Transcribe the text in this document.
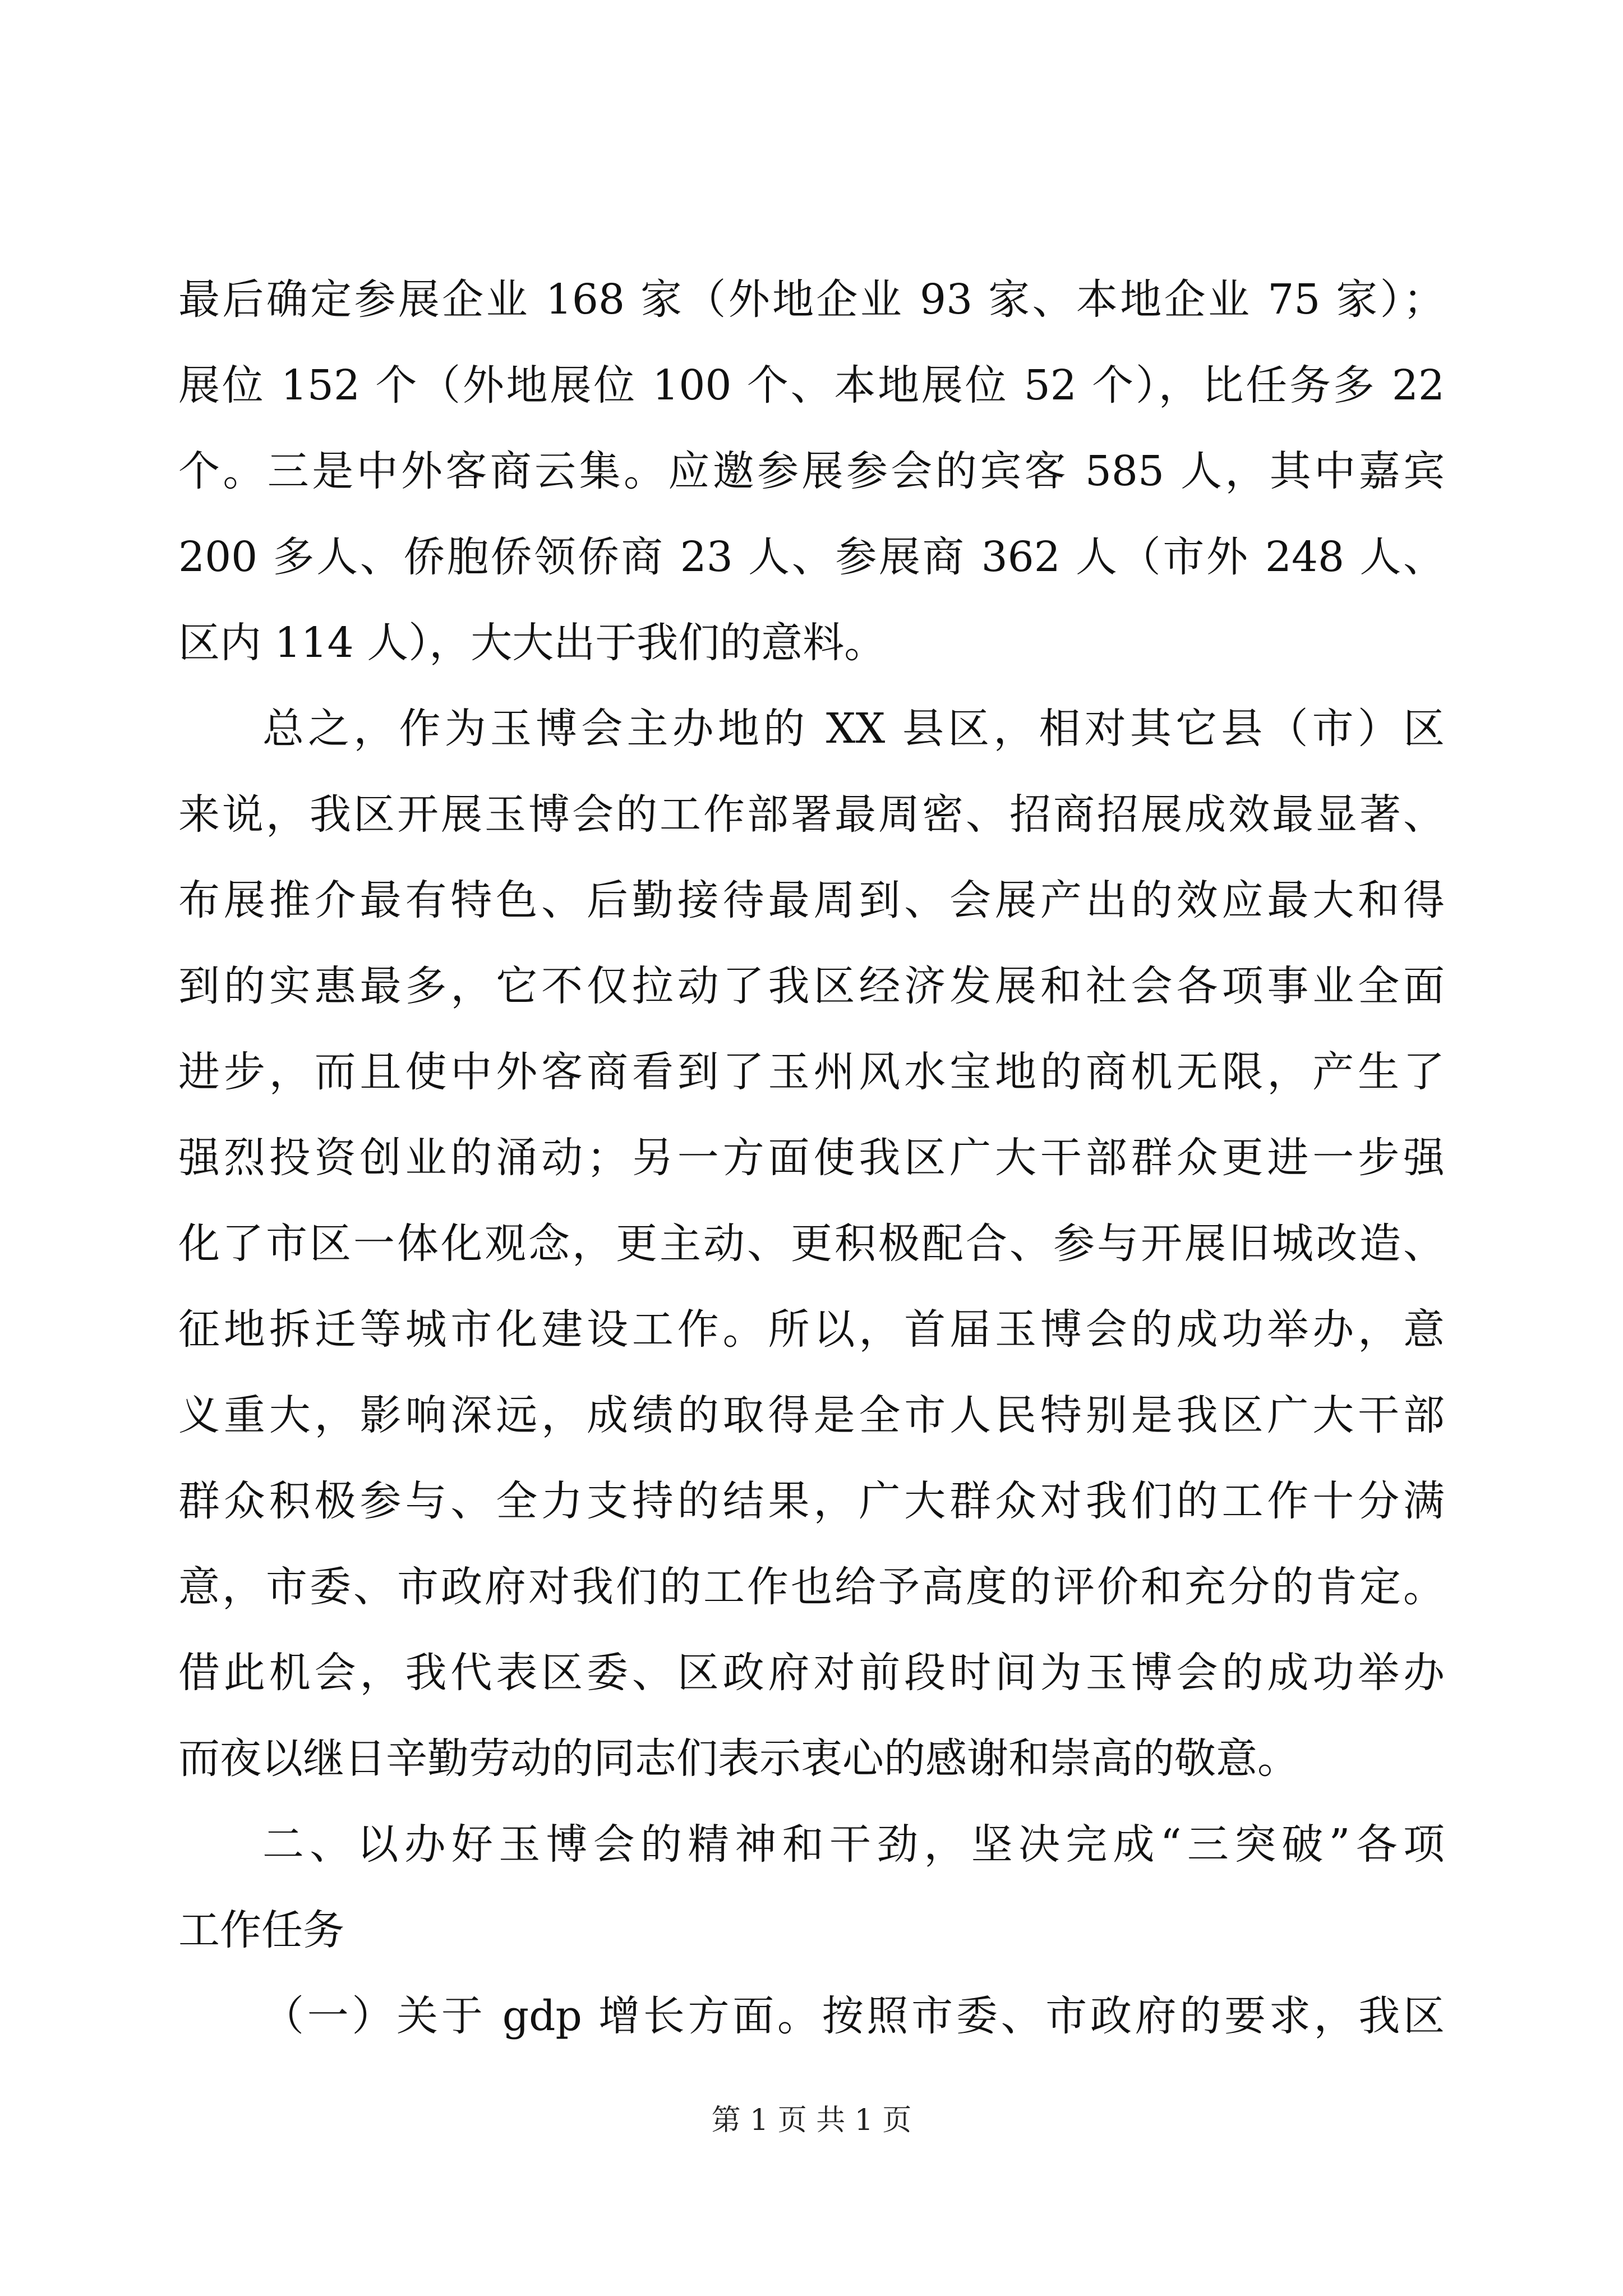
最后确定参展企业 168 家（外地企业 93 家、本地企业 75 家）；
展位 152 个（外地展位 100 个、本地展位 52 个），比任务多 22
个。三是中外客商云集。应邀参展参会的宾客 585 人，其中嘉宾
200 多人、侨胞侨领侨商 23 人、参展商 362 人（市外 248 人、
区内 114 人），大大出于我们的意料。
总之，作为玉博会主办地的 XX 县区，相对其它县（市）区
来说，我区开展玉博会的工作部署最周密、招商招展成效最显著、
布展推介最有特色、后勤接待最周到、会展产出的效应最大和得
到的实惠最多，它不仅拉动了我区经济发展和社会各项事业全面
进步，而且使中外客商看到了玉州风水宝地的商机无限，产生了
强烈投资创业的涌动；另一方面使我区广大干部群众更进一步强
化了市区一体化观念，更主动、更积极配合、参与开展旧城改造、
征地拆迁等城市化建设工作。所以，首届玉博会的成功举办，意
义重大，影响深远，成绩的取得是全市人民特别是我区广大干部
群众积极参与、全力支持的结果，广大群众对我们的工作十分满
意，市委、市政府对我们的工作也给予高度的评价和充分的肯定。
借此机会，我代表区委、区政府对前段时间为玉博会的成功举办
而夜以继日辛勤劳动的同志们表示衷心的感谢和崇高的敬意。
二、以办好玉博会的精神和干劲，坚决完成“三突破”各项
工作任务
（一）关于 gdp 增长方面。按照市委、市政府的要求，我区
第 1 页 共 1 页
